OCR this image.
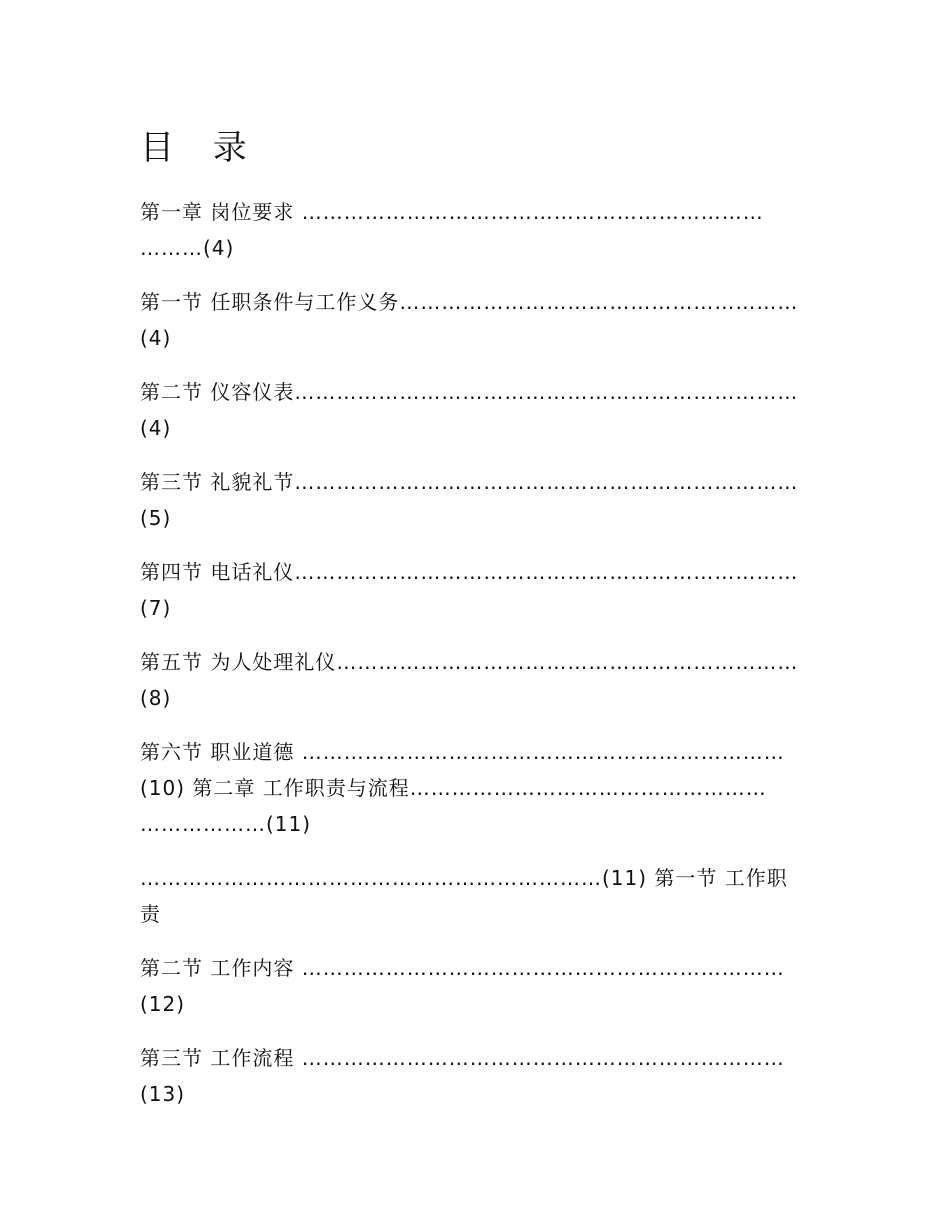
目 录
第一章 岗位要求 …………………………………………………………
………(4)
第一节 任职条件与工作义务…………………………………………………
(4)
第二节 仪容仪表………………………………………………………………
(4)
第三节 礼貌礼节………………………………………………………………
(5)
第四节 电话礼仪………………………………………………………………
(7)
第五节 为人处理礼仪…………………………………………………………
(8)
第六节 职业道德 ……………………………………………………………
(10) 第二章 工作职责与流程……………………………………………
………………(11)
…………………………………………………………(11) 第一节 工作职
责
第二节 工作内容 ……………………………………………………………
(12)
第三节 工作流程 ……………………………………………………………
(13)
